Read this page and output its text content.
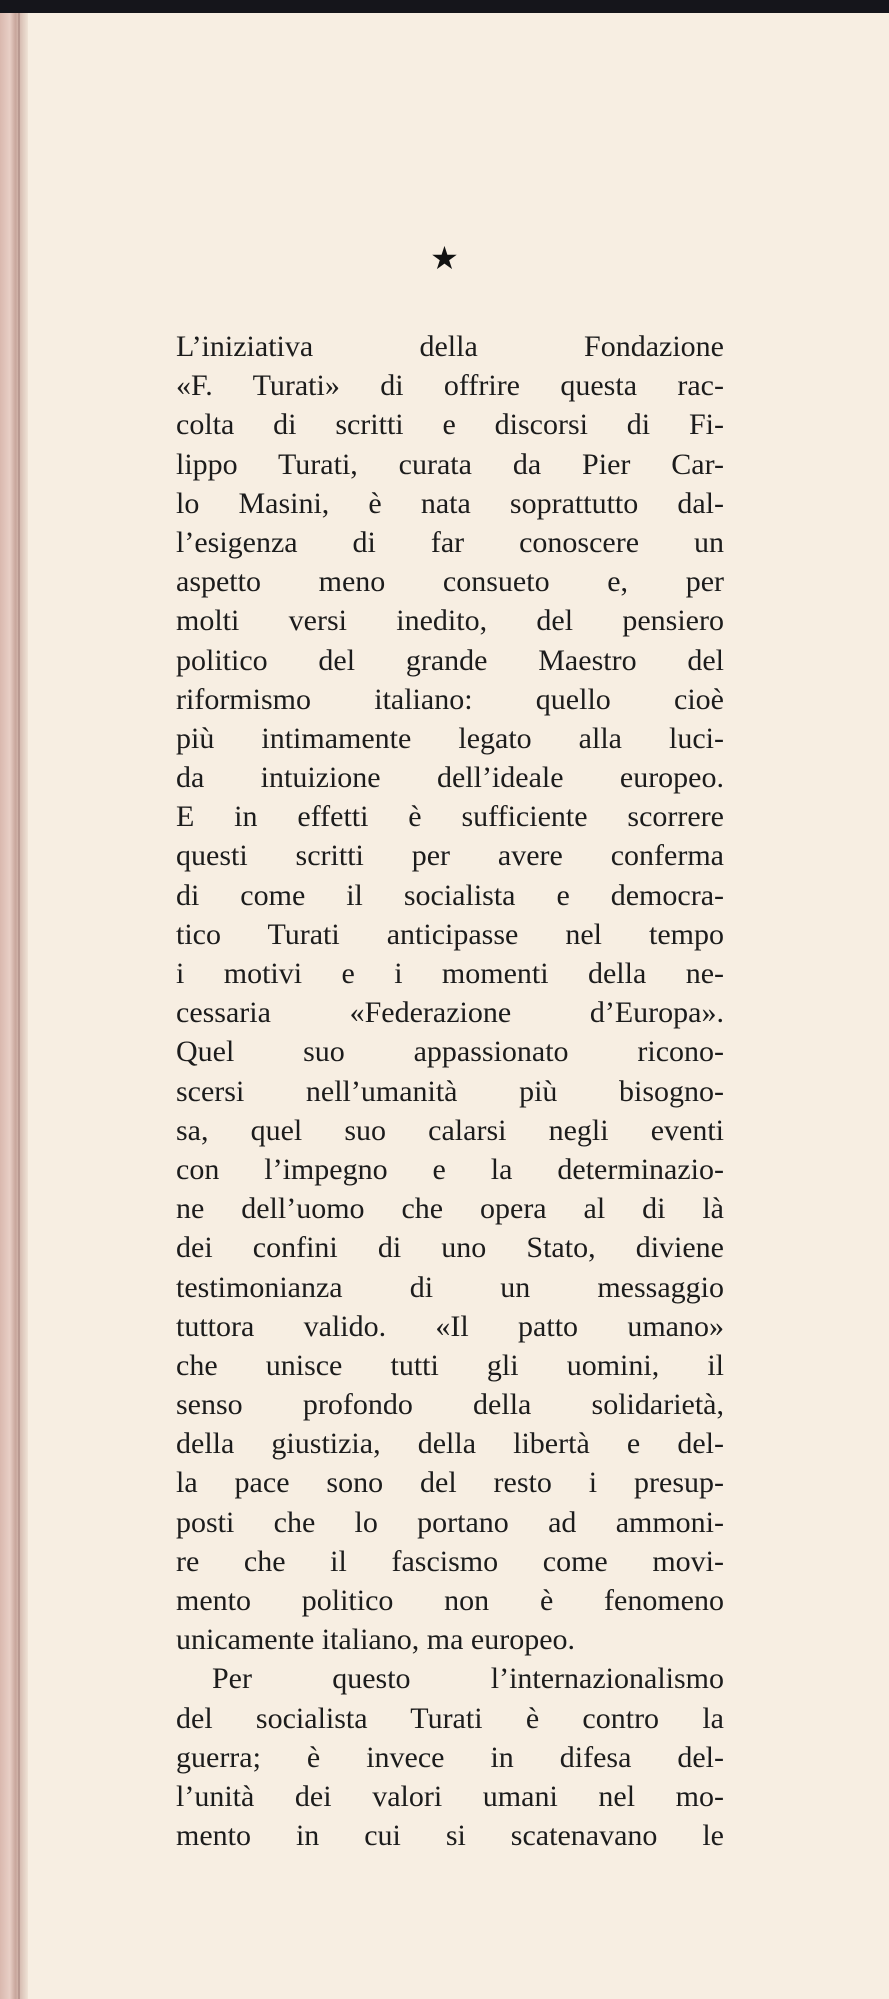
★
L’iniziativa della Fondazione
«F. Turati» di offrire questa rac-
colta di scritti e discorsi di Fi-
lippo Turati, curata da Pier Car-
lo Masini, è nata soprattutto dal-
l’esigenza di far conoscere un
aspetto meno consueto e, per
molti versi inedito, del pensiero
politico del grande Maestro del
riformismo italiano: quello cioè
più intimamente legato alla luci-
da intuizione dell’ideale europeo.
E in effetti è sufficiente scorrere
questi scritti per avere conferma
di come il socialista e democra-
tico Turati anticipasse nel tempo
i motivi e i momenti della ne-
cessaria «Federazione d’Europa».
Quel suo appassionato ricono-
scersi nell’umanità più bisogno-
sa, quel suo calarsi negli eventi
con l’impegno e la determinazio-
ne dell’uomo che opera al di là
dei confini di uno Stato, diviene
testimonianza di un messaggio
tuttora valido. «Il patto umano»
che unisce tutti gli uomini, il
senso profondo della solidarietà,
della giustizia, della libertà e del-
la pace sono del resto i presup-
posti che lo portano ad ammoni-
re che il fascismo come movi-
mento politico non è fenomeno
unicamente italiano, ma europeo.
Per questo l’internazionalismo
del socialista Turati è contro la
guerra; è invece in difesa del-
l’unità dei valori umani nel mo-
mento in cui si scatenavano le
